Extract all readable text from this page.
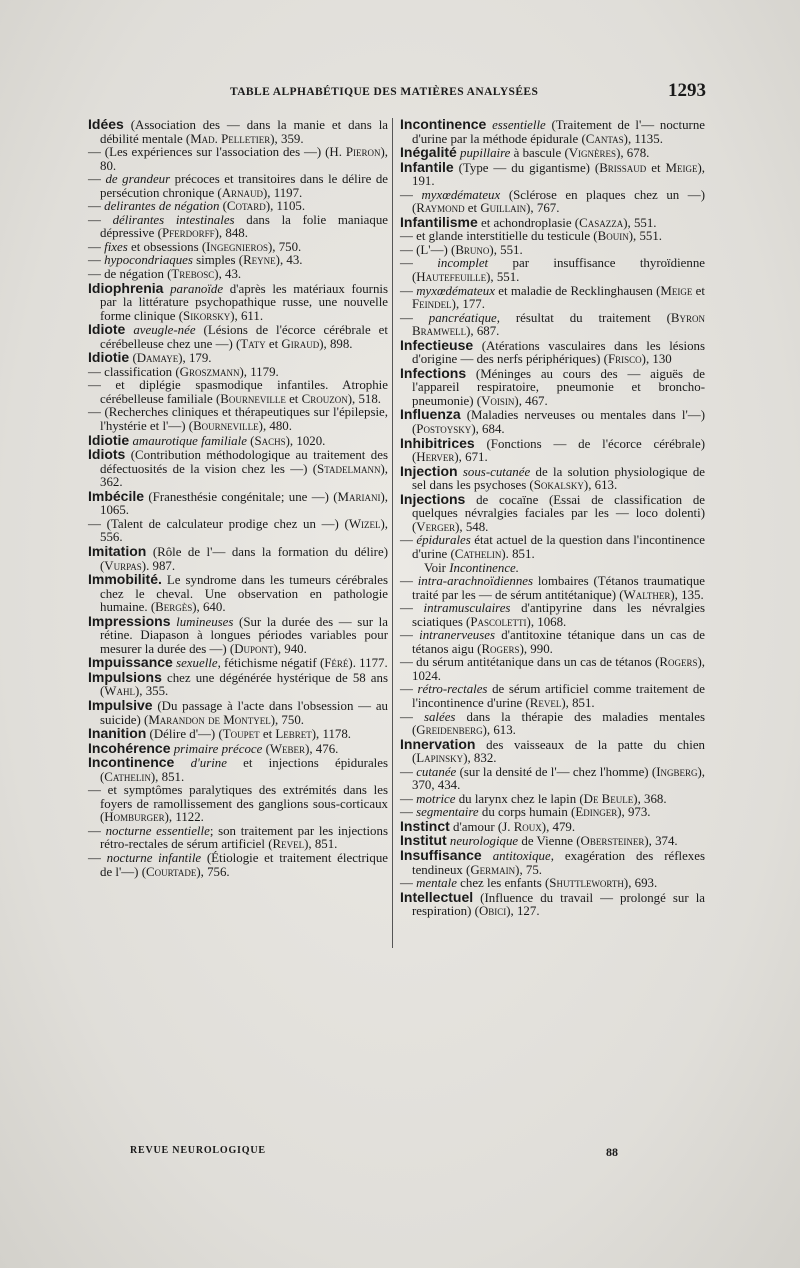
TABLE ALPHABÉTIQUE DES MATIÈRES ANALYSÉES	1293

Idées (Association des — dans la manie et dans la débilité mentale (Mad. Pelletier), 359.

— (Les expériences sur l'association des —) (H. Pieron), 80.

— de grandeur précoces et transitoires dans le délire de persécution chronique (Arnaud), 1197.

— delirantes de négation (Cotard), 1105.

— délirantes intestinales dans la folie maniaque dépressive (Pferdorff), 848.

— fixes et obsessions (Ingegnieros), 750.

— hypocondriaques simples (Reyne), 43.

— de négation (Trebosc), 43.

Idiophrenia paranoïde d'après les matériaux fournis par la littérature psychopathique russe, une nouvelle forme clinique (Sikorsky), 611.

Idiote aveugle-née (Lésions de l'écorce cérébrale et cérébelleuse chez une —) (Taty et Giraud), 898.

Idiotie (Damaye), 179.

— classification (Groszmann), 1179.

— et diplégie spasmodique infantiles. Atrophie cérébelleuse familiale (Bourneville et Crouzon), 518.

— (Recherches cliniques et thérapeutiques sur l'épilepsie, l'hystérie et l'—) (Bourneville), 480.

Idiotie amaurotique familiale (Sachs), 1020.

Idiots (Contribution méthodologique au traitement des défectuosités de la vision chez les —) (Stadelmann), 362.

Imbécile (Franesthésie congénitale; une —) (Mariani), 1065.

— (Talent de calculateur prodige chez un —) (Wizel), 556.

Imitation (Rôle de l'— dans la formation du délire) (Vurpas). 987.

Immobilité. Le syndrome dans les tumeurs cérébrales chez le cheval. Une observation en pathologie humaine. (Bergès), 640.

Impressions lumineuses (Sur la durée des — sur la rétine. Diapason à longues périodes variables pour mesurer la durée des —) (Dupont), 940.

Impuissance sexuelle, fétichisme négatif (Féré). 1177.

Impulsions chez une dégénérée hystérique de 58 ans (Wahl), 355.

Impulsive (Du passage à l'acte dans l'obsession — au suicide) (Marandon de Montyel), 750.

Inanition (Délire d'—) (Toupet et Lebret), 1178.

Incohérence primaire précoce (Weber), 476.

Incontinence d'urine et injections épidurales (Cathelin), 851.

— et symptômes paralytiques des extrémités dans les foyers de ramollissement des ganglions sous-corticaux (Homburger), 1122.

— nocturne essentielle; son traitement par les injections rétro-rectales de sérum artificiel (Revel), 851.

— nocturne infantile (Étiologie et traitement électrique de l'—) (Courtade), 756.

Incontinence essentielle (Traitement de l'— nocturne d'urine par la méthode épidurale (Cantas), 1135.

Inégalité pupillaire à bascule (Vignères), 678.

Infantile (Type — du gigantisme) (Brissaud et Meige), 191.

— myxœdémateux (Sclérose en plaques chez un —) (Raymond et Guillain), 767.

Infantilisme et achondroplasie (Casazza), 551.

— et glande interstitielle du testicule (Bouin), 551.

— (L'—) (Bruno), 551.

— incomplet par insuffisance thyroïdienne (Hautefeuille), 551.

— myxœdémateux et maladie de Recklinghausen (Meige et Feindel), 177.

— pancréatique, résultat du traitement (Byron Bramwell), 687.

Infectieuse (Atérations vasculaires dans les lésions d'origine — des nerfs périphériques) (Frisco), 130

Infections (Méninges au cours des — aiguës de l'appareil respiratoire, pneumonie et broncho-pneumonie) (Voisin), 467.

Influenza (Maladies nerveuses ou mentales dans l'—) (Postoysky), 684.

Inhibitrices (Fonctions — de l'écorce cérébrale) (Herver), 671.

Injection sous-cutanée de la solution physiologique de sel dans les psychoses (Sokalsky), 613.

Injections de cocaïne (Essai de classification de quelques névralgies faciales par les — loco dolenti) (Verger), 548.

— épidurales état actuel de la question dans l'incontinence d'urine (Cathelin). 851.

Voir Incontinence.

— intra-arachnoïdiennes lombaires (Tétanos traumatique traité par les — de sérum antitétanique) (Walther), 135.

— intramusculaires d'antipyrine dans les névralgies sciatiques (Pascoletti), 1068.

— intranerveuses d'antitoxine tétanique dans un cas de tétanos aigu (Rogers), 990.

— du sérum antitétanique dans un cas de tétanos (Rogers), 1024.

— rétro-rectales de sérum artificiel comme traitement de l'incontinence d'urine (Revel), 851.

— salées dans la thérapie des maladies mentales (Greidenberg), 613.

Innervation des vaisseaux de la patte du chien (Lapinsky), 832.

— cutanée (sur la densité de l'— chez l'homme) (Ingberg), 370, 434.

— motrice du larynx chez le lapin (De Beule), 368.

— segmentaire du corps humain (Edinger), 973.

Instinct d'amour (J. Roux), 479.

Institut neurologique de Vienne (Obersteiner), 374.

Insuffisance antitoxique, exagération des réflexes tendineux (Germain), 75.

— mentale chez les enfants (Shuttleworth), 693.

Intellectuel (Influence du travail — prolongé sur la respiration) (Obici), 127.

REVUE NEUROLOGIQUE	88
